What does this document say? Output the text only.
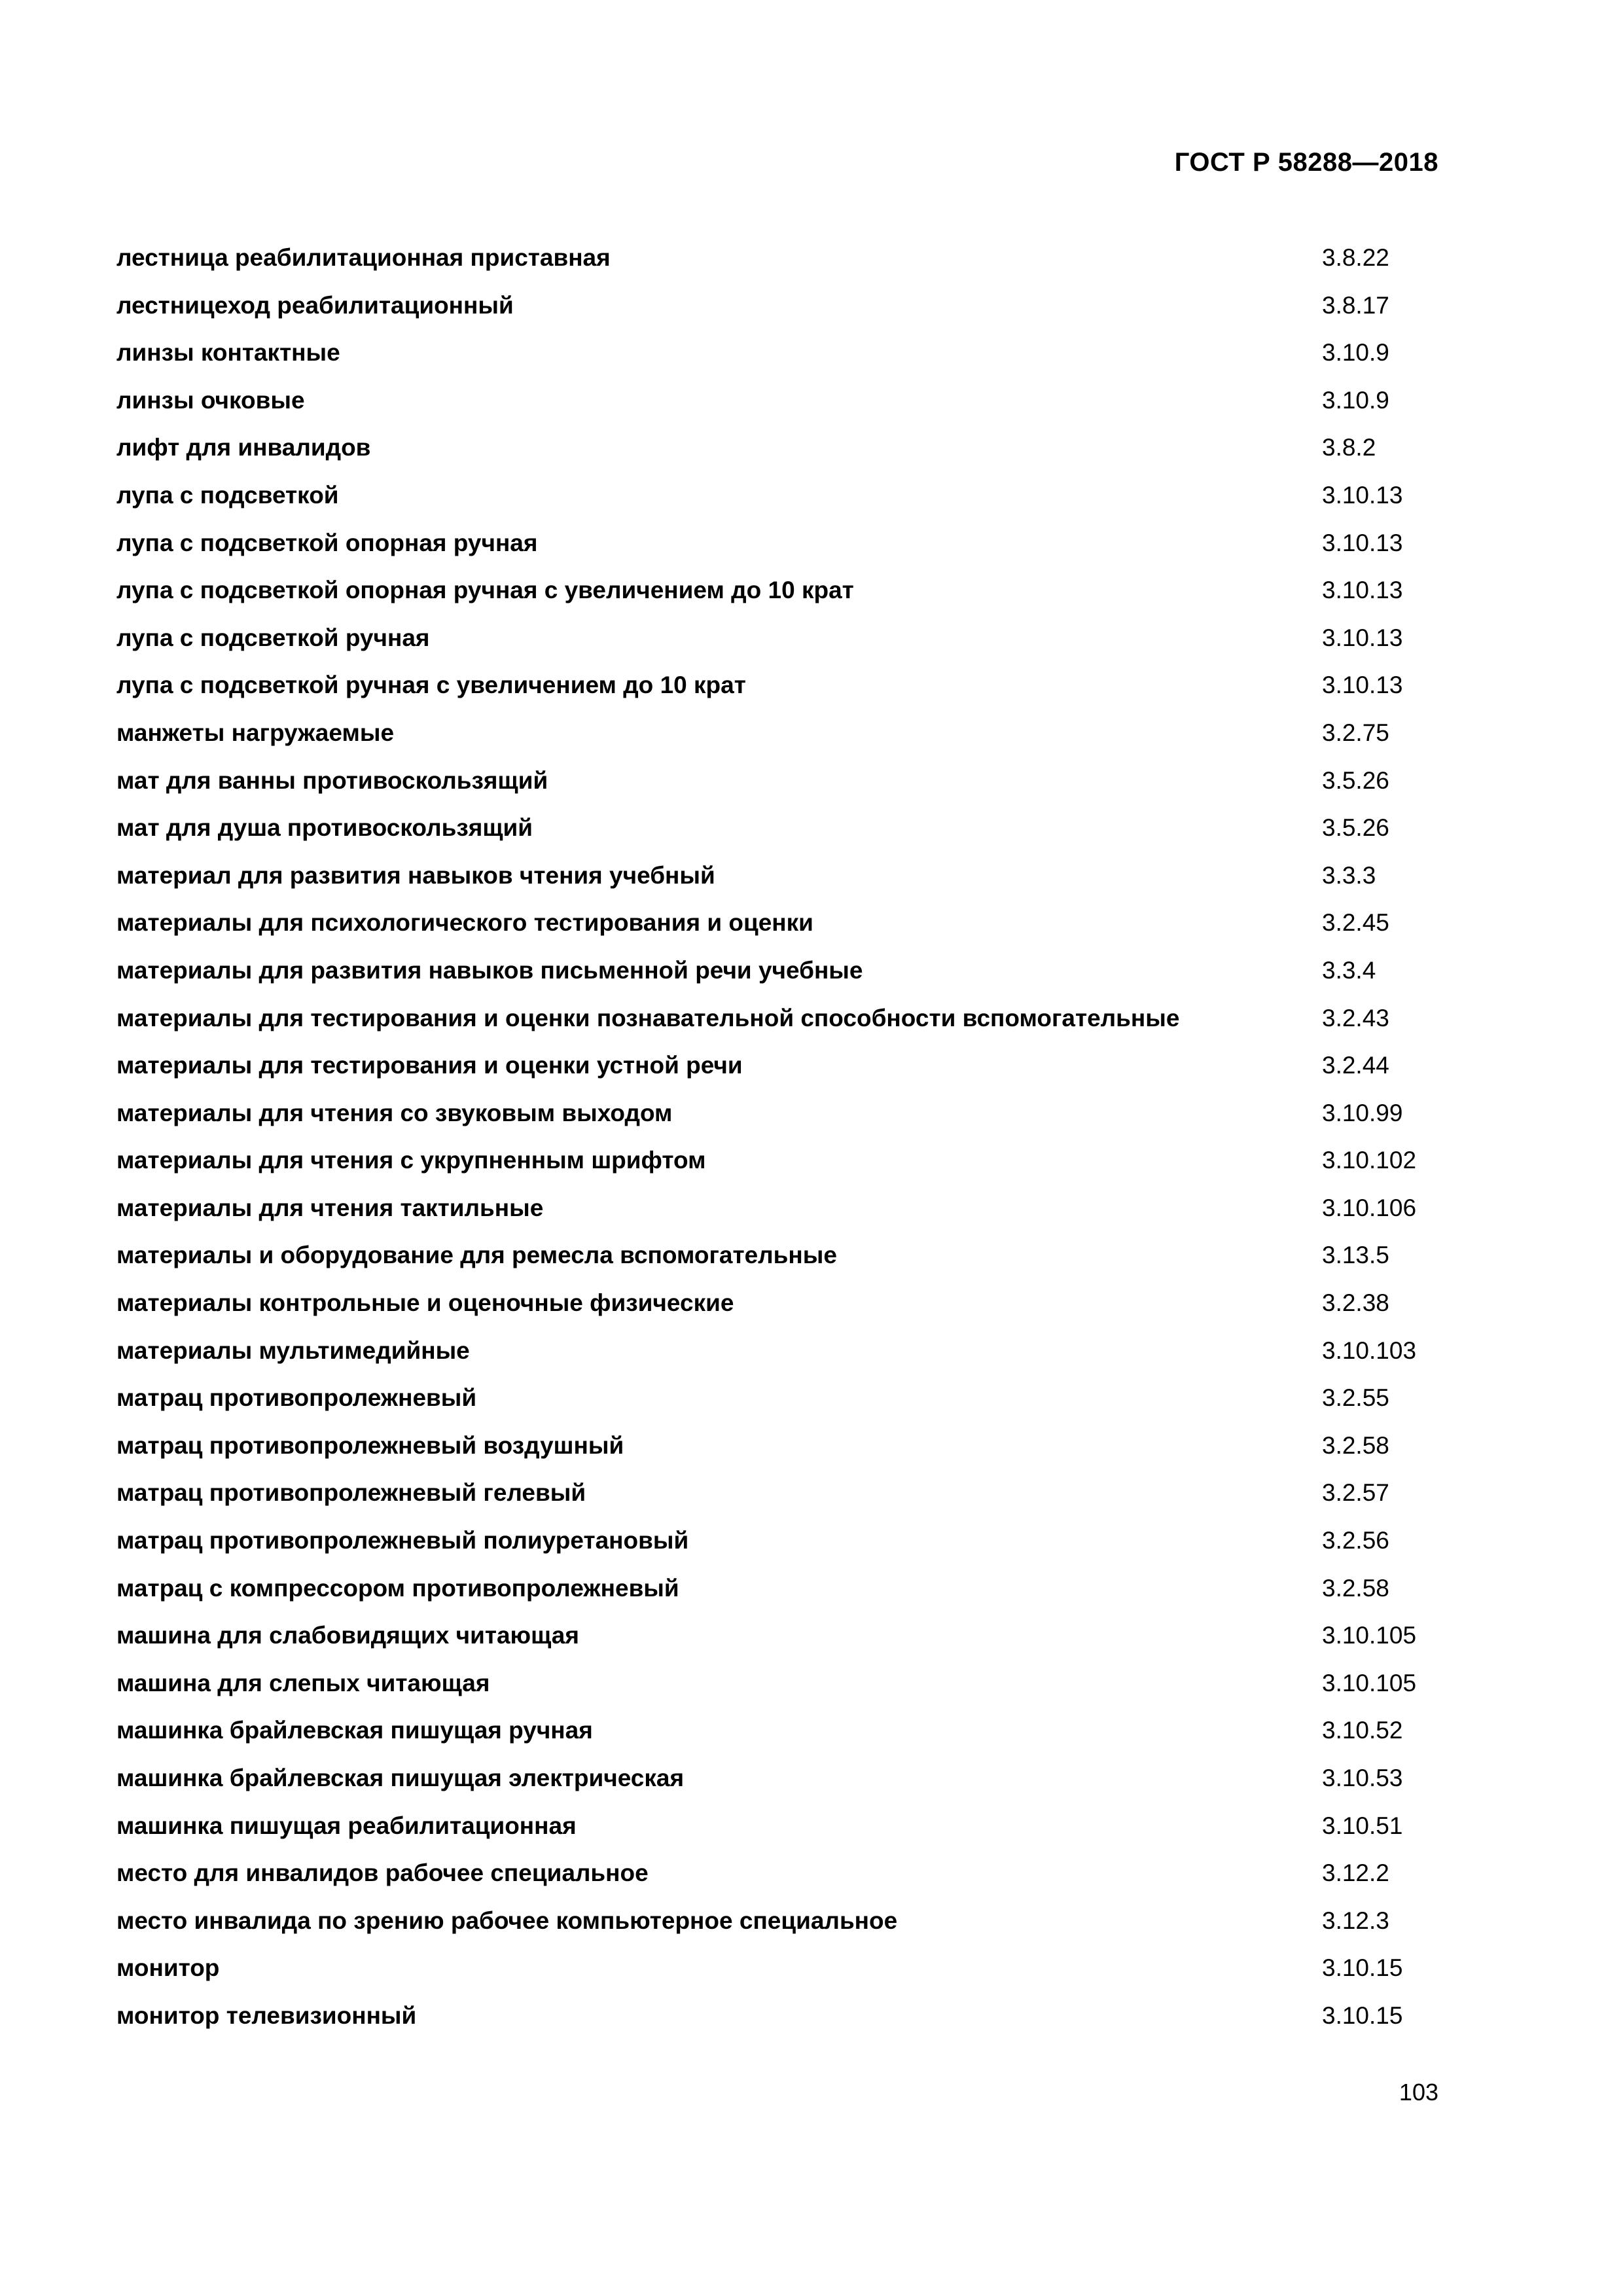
ГОСТ Р 58288—2018
лестница реабилитационная приставная	3.8.22
лестницеход реабилитационный	3.8.17
линзы контактные	3.10.9
линзы очковые	3.10.9
лифт для инвалидов	3.8.2
лупа с подсветкой	3.10.13
лупа с подсветкой опорная ручная	3.10.13
лупа с подсветкой опорная ручная с увеличением до 10 крат	3.10.13
лупа с подсветкой ручная	3.10.13
лупа с подсветкой ручная с увеличением до 10 крат	3.10.13
манжеты нагружаемые	3.2.75
мат для ванны противоскользящий	3.5.26
мат для душа противоскользящий	3.5.26
материал для развития навыков чтения учебный	3.3.3
материалы для психологического тестирования и оценки	3.2.45
материалы для развития навыков письменной речи учебные	3.3.4
материалы для тестирования и оценки познавательной способности вспомогательные	3.2.43
материалы для тестирования и оценки устной речи	3.2.44
материалы для чтения со звуковым выходом	3.10.99
материалы для чтения с укрупненным шрифтом	3.10.102
материалы для чтения тактильные	3.10.106
материалы и оборудование для ремесла вспомогательные	3.13.5
материалы контрольные и оценочные физические	3.2.38
материалы мультимедийные	3.10.103
матрац противопролежневый	3.2.55
матрац противопролежневый воздушный	3.2.58
матрац противопролежневый гелевый	3.2.57
матрац противопролежневый полиуретановый	3.2.56
матрац с компрессором противопролежневый	3.2.58
машина для слабовидящих читающая	3.10.105
машина для слепых читающая	3.10.105
машинка брайлевская пишущая ручная	3.10.52
машинка брайлевская пишущая электрическая	3.10.53
машинка пишущая реабилитационная	3.10.51
место для инвалидов рабочее специальное	3.12.2
место инвалида по зрению рабочее компьютерное специальное	3.12.3
монитор	3.10.15
монитор телевизионный	3.10.15
103
